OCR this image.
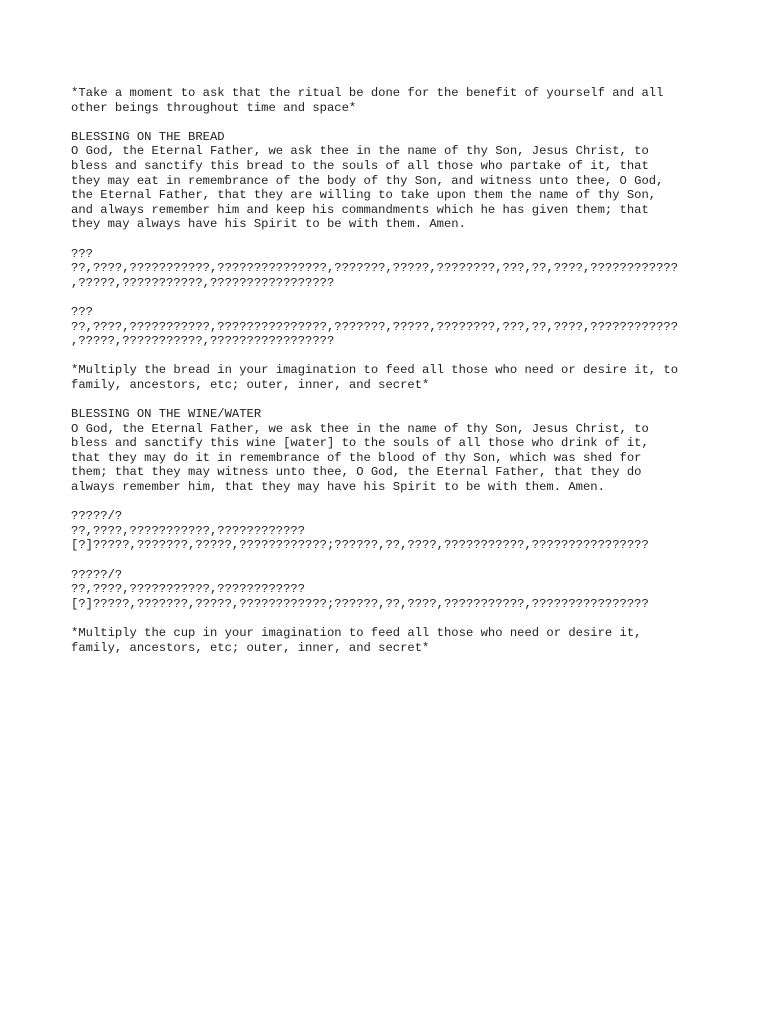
*Take a moment to ask that the ritual be done for the benefit of yourself and all
other beings throughout time and space*
BLESSING ON THE BREAD
O God, the Eternal Father, we ask thee in the name of thy Son, Jesus Christ, to
bless and sanctify this bread to the souls of all those who partake of it, that
they may eat in remembrance of the body of thy Son, and witness unto thee, O God,
the Eternal Father, that they are willing to take upon them the name of thy Son,
and always remember him and keep his commandments which he has given them; that
they may always have his Spirit to be with them. Amen.
???
??,????,???????????,???????????????,???????,?????,????????,???,??,????,????????????
,?????,???????????,?????????????????
???
??,????,???????????,???????????????,???????,?????,????????,???,??,????,????????????
,?????,???????????,?????????????????
*Multiply the bread in your imagination to feed all those who need or desire it, to
family, ancestors, etc; outer, inner, and secret*
BLESSING ON THE WINE/WATER
O God, the Eternal Father, we ask thee in the name of thy Son, Jesus Christ, to
bless and sanctify this wine [water] to the souls of all those who drink of it,
that they may do it in remembrance of the blood of thy Son, which was shed for
them; that they may witness unto thee, O God, the Eternal Father, that they do
always remember him, that they may have his Spirit to be with them. Amen.
?????/?
??,????,???????????,????????????
[?]?????,???????,?????,????????????;??????,??,????,???????????,????????????????
?????/?
??,????,???????????,????????????
[?]?????,???????,?????,????????????;??????,??,????,???????????,????????????????
*Multiply the cup in your imagination to feed all those who need or desire it,
family, ancestors, etc; outer, inner, and secret*
